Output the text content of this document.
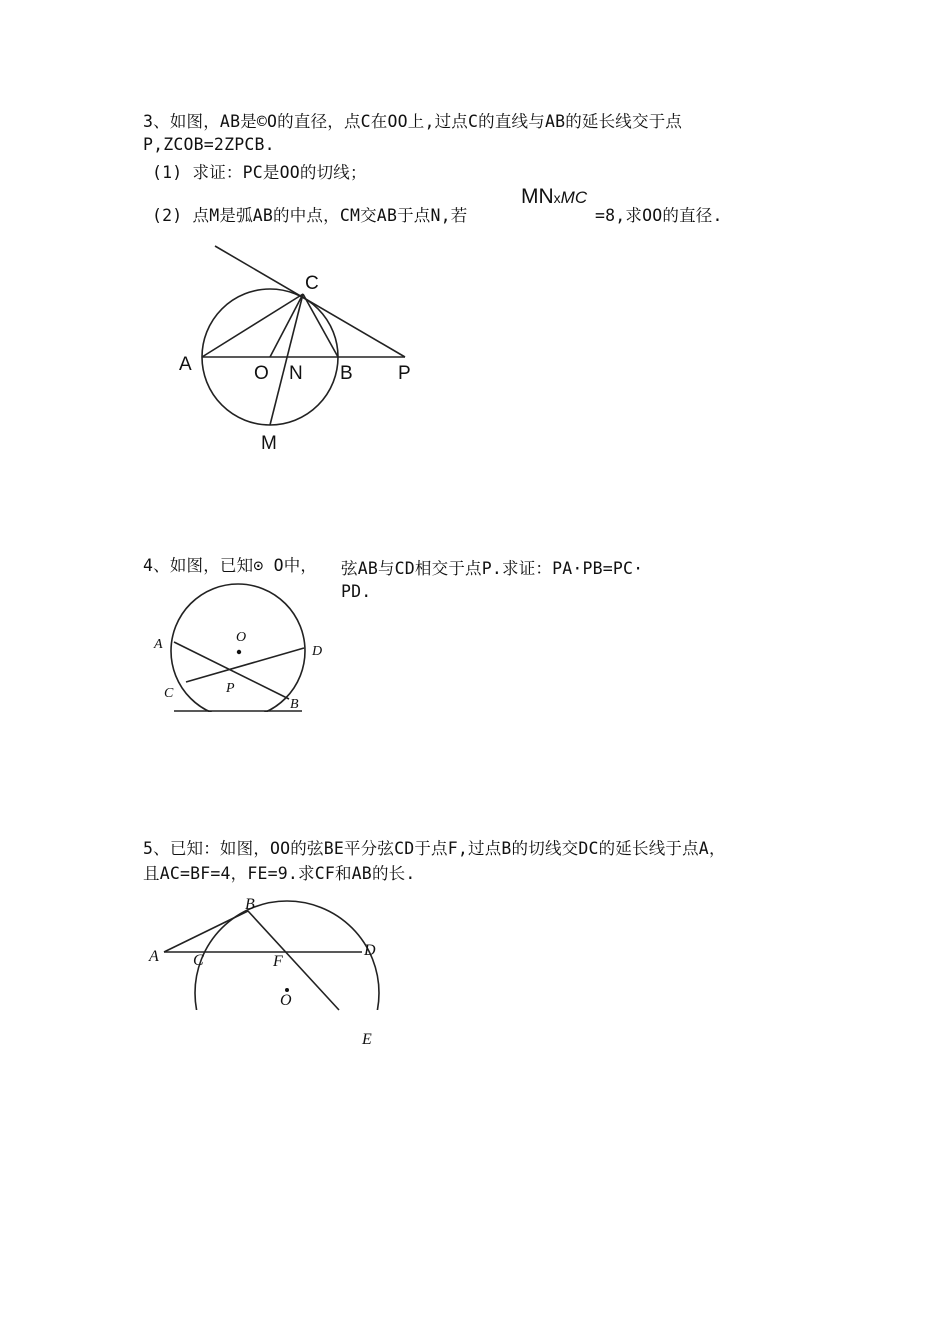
3、如图，AB是©O的直径，点C在OO上,过点C的直线与AB的延长线交于点
P,ZCOB=2ZPCB.
(1) 求证：PC是OO的切线；
(2) 点M是弧AB的中点，CM交AB于点N,若
MNxMC
=8,求OO的直径.
A	O N B P
C
M
4、如图，已知⊙ O中， 弦AB与CD相交于点P.求证：PA·PB=PC·
PD.
O
A	D
C	P
B
5、已知：如图，OO的弦BE平分弦CD于点F,过点B的切线交DC的延长线于点A，
且AC=BF=4，FE=9.求CF和AB的长.
B
A C	F
D
O
E
